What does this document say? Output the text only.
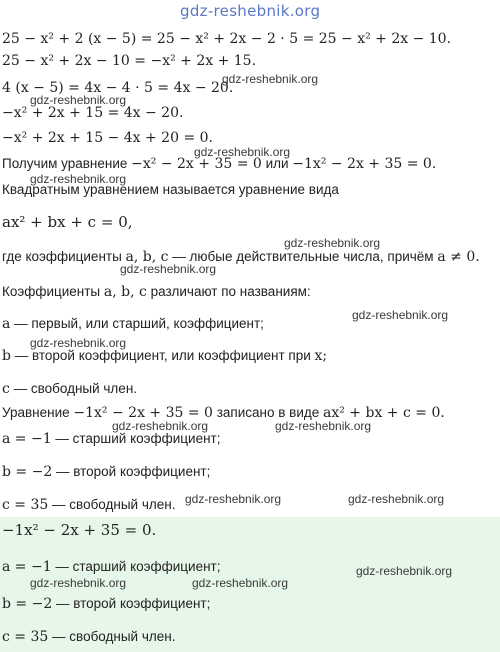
gdz-reshebnik.org
25 − x² + 2 (x − 5) = 25 − x² + 2x − 2 · 5 = 25 − x² + 2x − 10.
25 − x² + 2x − 10 = −x² + 2x + 15.
4 (x − 5) = 4x − 4 · 5 = 4x − 20.
−x² + 2x + 15 = 4x − 20.
−x² + 2x + 15 − 4x + 20 = 0.
Получим уравнение −x² − 2x + 35 = 0 или −1x² − 2x + 35 = 0.
Квадратным уравнением называется уравнение вида
ax² + bx + c = 0,
где коэффициенты a, b, c — любые действительные числа, причём a ≠ 0.
Коэффициенты a, b, c различают по названиям:
a — первый, или старший, коэффициент;
b — второй коэффициент, или коэффициент при x;
c — свободный член.
Уравнение −1x² − 2x + 35 = 0 записано в виде ax² + bx + c = 0.
a = −1 — старший коэффициент;
b = −2 — второй коэффициент;
c = 35 — свободный член.
−1x² − 2x + 35 = 0.
a = −1 — старший коэффициент;
b = −2 — второй коэффициент;
c = 35 — свободный член.
gdz-reshebnik.org
gdz-reshebnik.org
gdz-reshebnik.org
gdz-reshebnik.org
gdz-reshebnik.org
gdz-reshebnik.org
gdz-reshebnik.org
gdz-reshebnik.org
gdz-reshebnik.org	gdz-reshebnik.org
gdz-reshebnik.org	gdz-reshebnik.org
gdz-reshebnik.org
gdz-reshebnik.org	gdz-reshebnik.org
